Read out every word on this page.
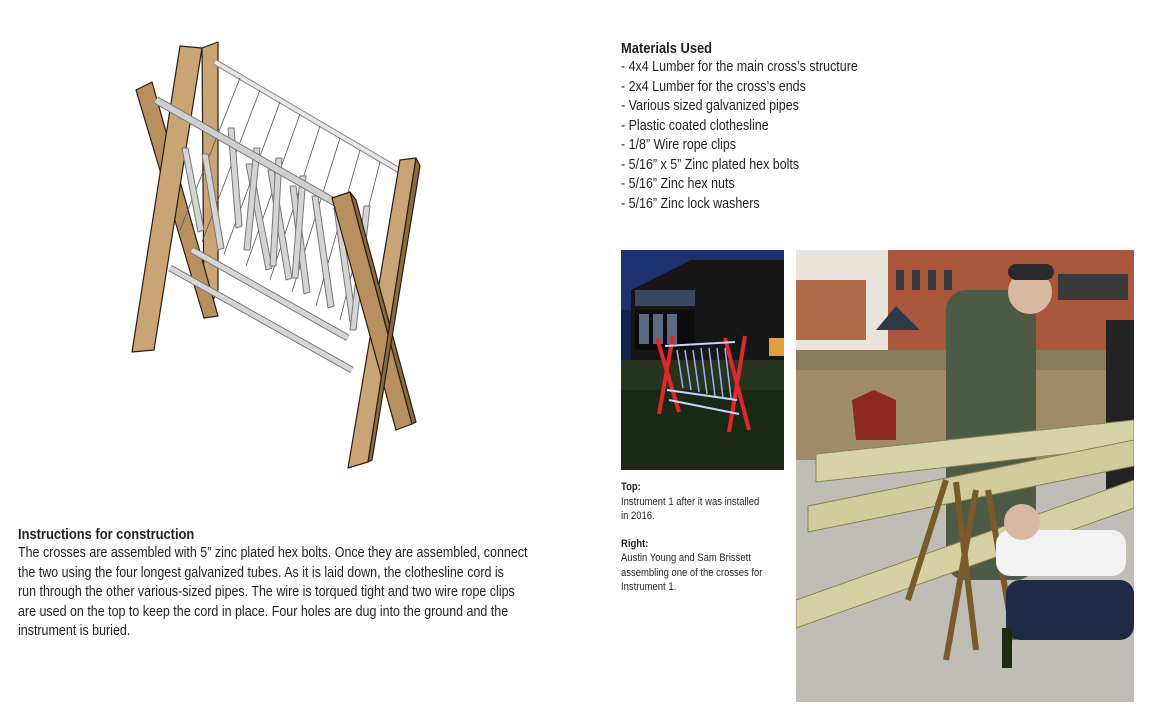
Materials Used
- 4x4 Lumber for the main cross’s structure
- 2x4 Lumber for the cross’s ends
- Various sized galvanized pipes
- Plastic coated clothesline
- 1/8” Wire rope clips
- 5/16” x 5” Zinc plated hex bolts
- 5/16” Zinc hex nuts
- 5/16” Zinc lock washers
Top:
Instrument 1 after it was installed
in 2016.
Right:
Austin Young and Sam Brissett
assembling one of the crosses for
Instrument 1.
Instructions for construction
The crosses are assembled with 5” zinc plated hex bolts. Once they are assembled, connect
the two using the four longest galvanized tubes. As it is laid down, the clothesline cord is
run through the other various-sized pipes. The wire is torqued tight and two wire rope clips
are used on the top to keep the cord in place. Four holes are dug into the ground and the
instrument is buried.
